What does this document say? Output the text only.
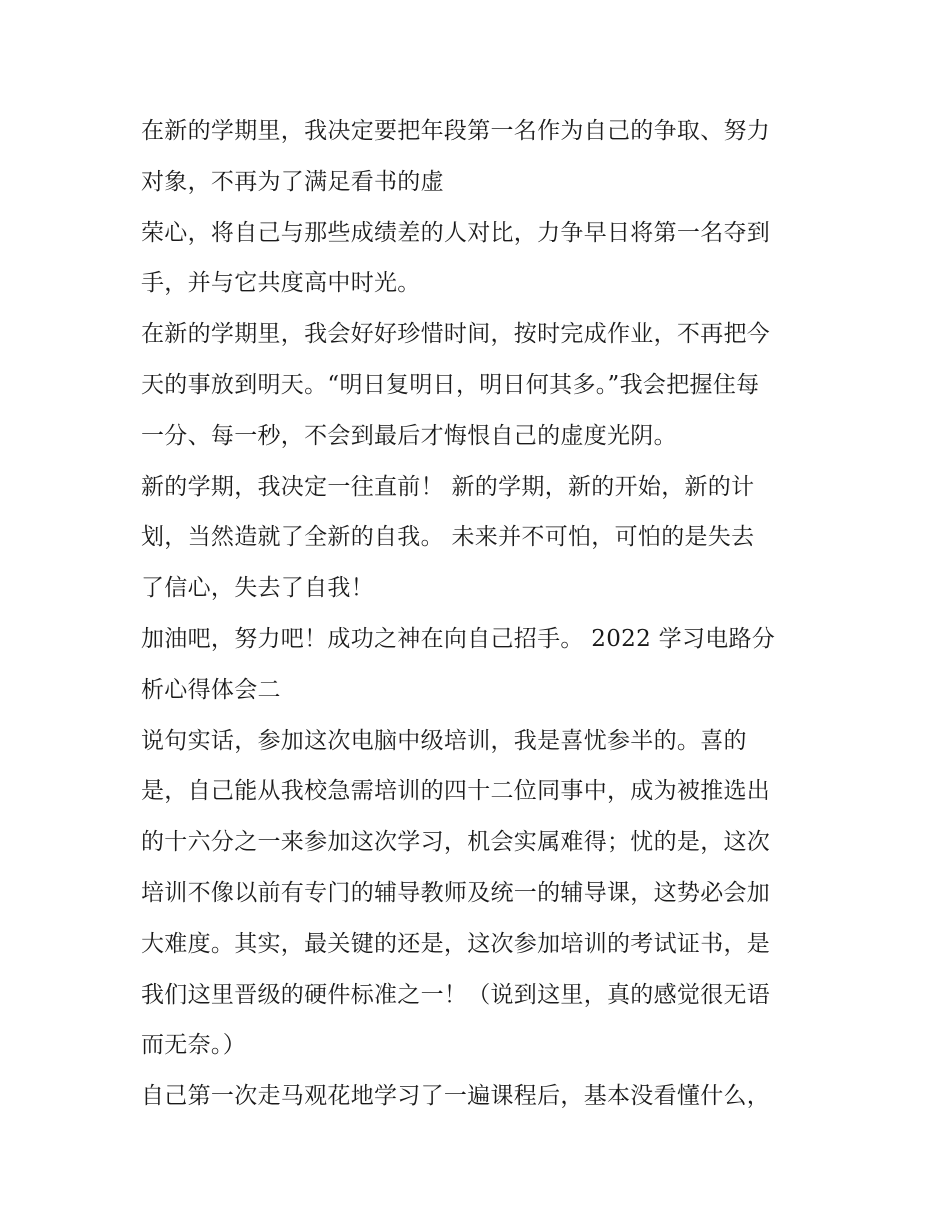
在新的学期里，我决定要把年段第一名作为自己的争取、努力
对象，不再为了满足看书的虚
荣心，将自己与那些成绩差的人对比，力争早日将第一名夺到
手，并与它共度高中时光。
在新的学期里，我会好好珍惜时间，按时完成作业，不再把今
天的事放到明天。“明日复明日，明日何其多。”我会把握住每
一分、每一秒，不会到最后才悔恨自己的虚度光阴。
新的学期，我决定一往直前！ 新的学期，新的开始，新的计
划，当然造就了全新的自我。 未来并不可怕，可怕的是失去
了信心，失去了自我！
加油吧，努力吧！成功之神在向自己招手。 2022 学习电路分
析心得体会二
说句实话，参加这次电脑中级培训，我是喜忧参半的。喜的
是，自己能从我校急需培训的四十二位同事中，成为被推选出
的十六分之一来参加这次学习，机会实属难得；忧的是，这次
培训不像以前有专门的辅导教师及统一的辅导课，这势必会加
大难度。其实，最关键的还是，这次参加培训的考试证书，是
我们这里晋级的硬件标准之一！（说到这里，真的感觉很无语
而无奈。）
自己第一次走马观花地学习了一遍课程后，基本没看懂什么，
